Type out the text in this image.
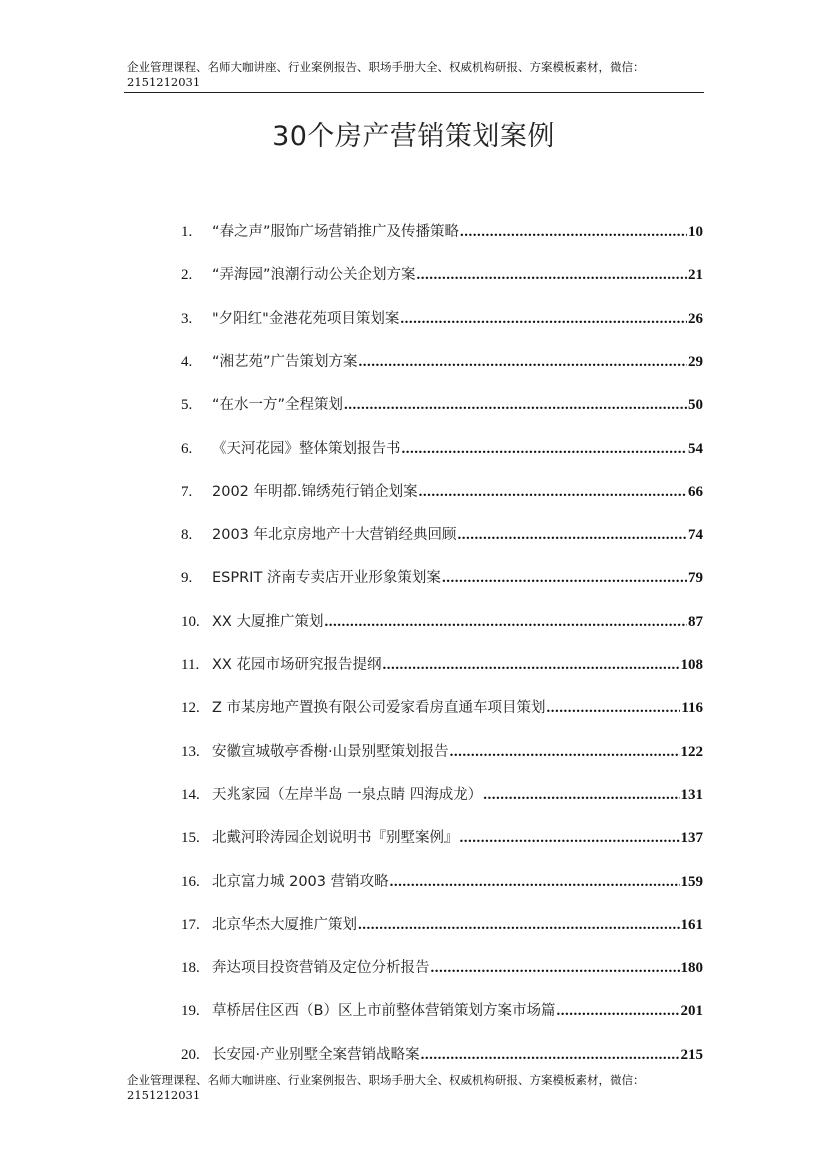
企业管理课程、名师大咖讲座、行业案例报告、职场手册大全、权威机构研报、方案模板素材，微信：
2151212031
30个房产营销策划案例
1.	“春之声”服饰广场营销推广及传播策略 .....	10
2.	“弄海园”浪潮行动公关企划方案 .....	21
3.	"夕阳红"金港花苑项目策划案 .....	26
4.	“湘艺苑”广告策划方案 .....	29
5.	“在水一方”全程策划 .....	50
6.	《天河花园》整体策划报告书 .....	54
7.	2002 年明都.锦绣苑行销企划案 .....	66
8.	2003 年北京房地产十大营销经典回顾 .....	74
9.	ESPRIT 济南专卖店开业形象策划案 .....	79
10. XX 大厦推广策划 .....	87
11. XX 花园市场研究报告提纲 .....	108
12. Z 市某房地产置换有限公司爱家看房直通车项目策划 .....	116
13. 安徽宣城敬亭香榭·山景别墅策划报告 .....	122
14. 天兆家园（左岸半岛 一泉点睛 四海成龙） .....	131
15. 北戴河聆涛园企划说明书『别墅案例』 .....	137
16. 北京富力城 2003 营销攻略 .....	159
17. 北京华杰大厦推广策划 .....	161
18. 奔达项目投资营销及定位分析报告 .....	180
19. 草桥居住区西（B）区上市前整体营销策划方案市场篇 .....	201
20. 长安园·产业别墅全案营销战略案 .....	215
企业管理课程、名师大咖讲座、行业案例报告、职场手册大全、权威机构研报、方案模板素材，微信：
2151212031
